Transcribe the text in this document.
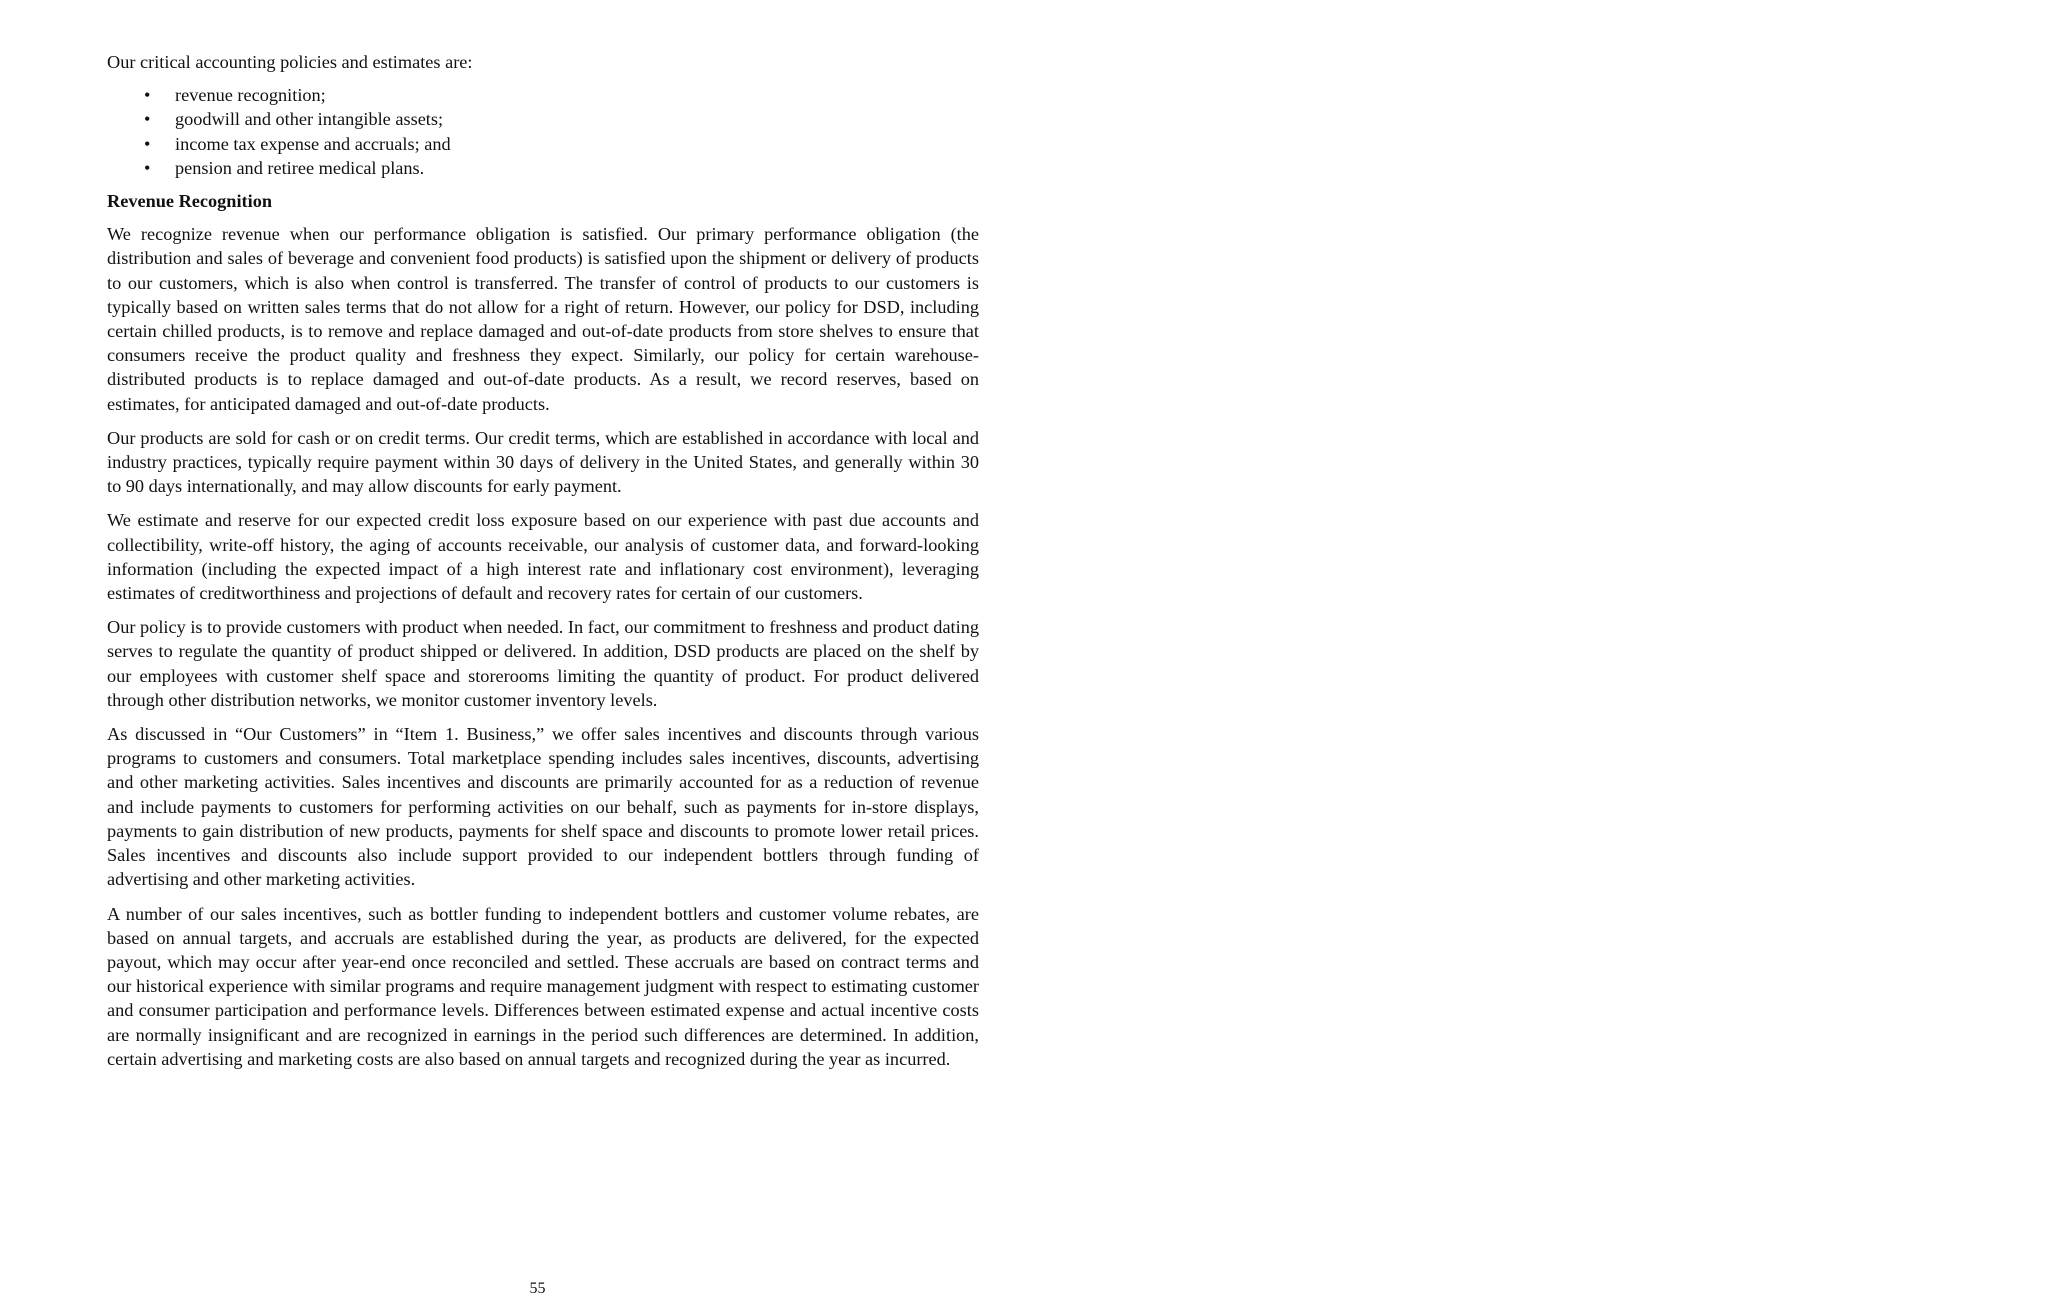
Our critical accounting policies and estimates are:

• revenue recognition;
• goodwill and other intangible assets;
• income tax expense and accruals; and
• pension and retiree medical plans.

Revenue Recognition

We recognize revenue when our performance obligation is satisfied. Our primary performance obligation (the distribution and sales of beverage and convenient food products) is satisfied upon the shipment or delivery of products to our customers, which is also when control is transferred. The transfer of control of products to our customers is typically based on written sales terms that do not allow for a right of return. However, our policy for DSD, including certain chilled products, is to remove and replace damaged and out-of-date products from store shelves to ensure that consumers receive the product quality and freshness they expect. Similarly, our policy for certain warehouse-distributed products is to replace damaged and out-of-date products. As a result, we record reserves, based on estimates, for anticipated damaged and out-of-date products.

Our products are sold for cash or on credit terms. Our credit terms, which are established in accordance with local and industry practices, typically require payment within 30 days of delivery in the United States, and generally within 30 to 90 days internationally, and may allow discounts for early payment.

We estimate and reserve for our expected credit loss exposure based on our experience with past due accounts and collectibility, write-off history, the aging of accounts receivable, our analysis of customer data, and forward-looking information (including the expected impact of a high interest rate and inflationary cost environment), leveraging estimates of creditworthiness and projections of default and recovery rates for certain of our customers.

Our policy is to provide customers with product when needed. In fact, our commitment to freshness and product dating serves to regulate the quantity of product shipped or delivered. In addition, DSD products are placed on the shelf by our employees with customer shelf space and storerooms limiting the quantity of product. For product delivered through other distribution networks, we monitor customer inventory levels.

As discussed in “Our Customers” in “Item 1. Business,” we offer sales incentives and discounts through various programs to customers and consumers. Total marketplace spending includes sales incentives, discounts, advertising and other marketing activities. Sales incentives and discounts are primarily accounted for as a reduction of revenue and include payments to customers for performing activities on our behalf, such as payments for in-store displays, payments to gain distribution of new products, payments for shelf space and discounts to promote lower retail prices. Sales incentives and discounts also include support provided to our independent bottlers through funding of advertising and other marketing activities.

A number of our sales incentives, such as bottler funding to independent bottlers and customer volume rebates, are based on annual targets, and accruals are established during the year, as products are delivered, for the expected payout, which may occur after year-end once reconciled and settled. These accruals are based on contract terms and our historical experience with similar programs and require management judgment with respect to estimating customer and consumer participation and performance levels. Differences between estimated expense and actual incentive costs are normally insignificant and are recognized in earnings in the period such differences are determined. In addition, certain advertising and marketing costs are also based on annual targets and recognized during the year as incurred.

55
